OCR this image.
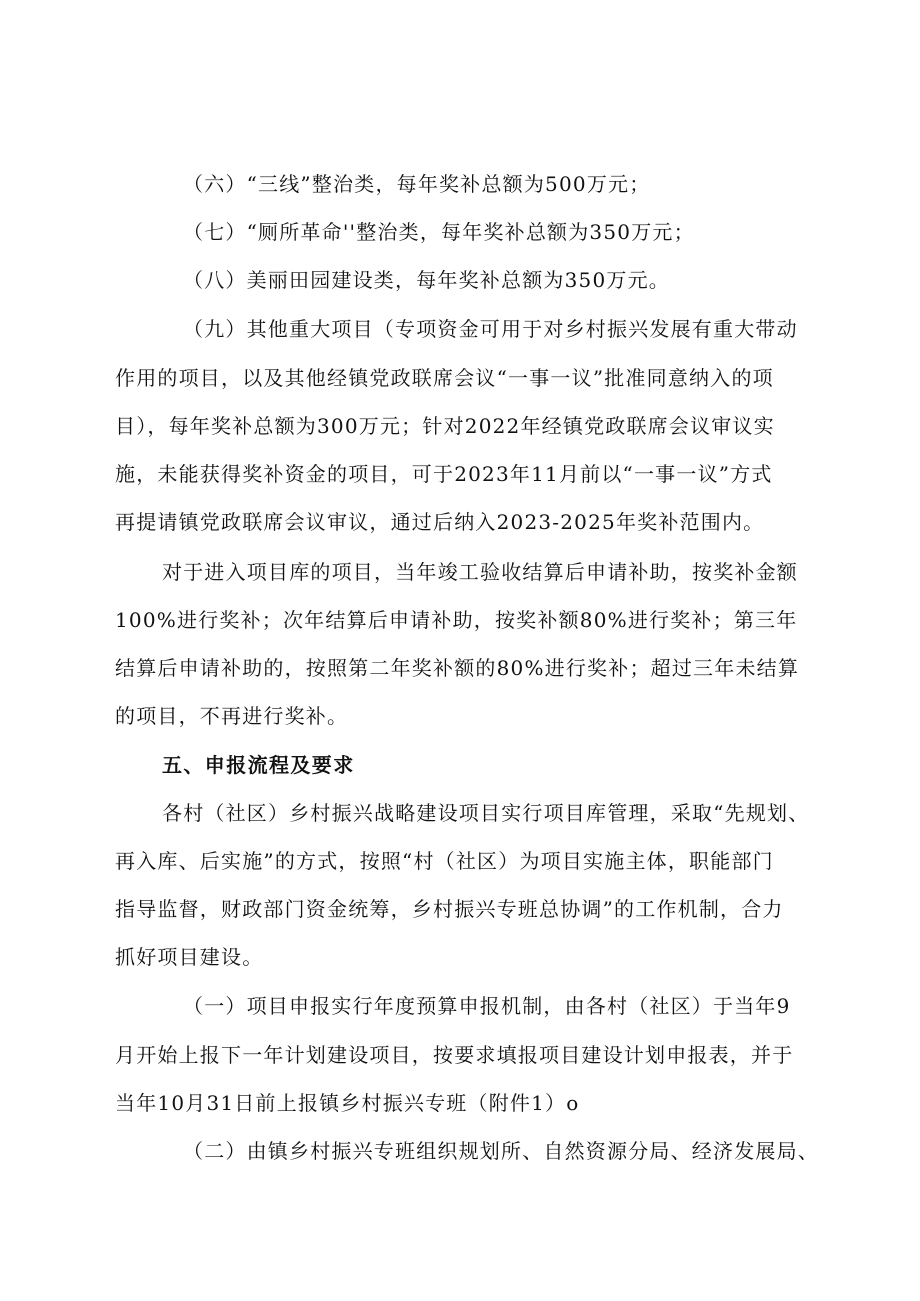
（六）“三线”整治类，每年奖补总额为500万元；
（七）“厕所革命''整治类，每年奖补总额为350万元；
（八）美丽田园建设类，每年奖补总额为350万元。
（九）其他重大项目（专项资金可用于对乡村振兴发展有重大带动
作用的项目，以及其他经镇党政联席会议“一事一议”批准同意纳入的项
目），每年奖补总额为300万元；针对2022年经镇党政联席会议审议实
施，未能获得奖补资金的项目，可于2023年11月前以“一事一议”方式
再提请镇党政联席会议审议，通过后纳入2023-2025年奖补范围内。
对于进入项目库的项目，当年竣工验收结算后申请补助，按奖补金额
100%进行奖补；次年结算后申请补助，按奖补额80%进行奖补；第三年
结算后申请补助的，按照第二年奖补额的80%进行奖补；超过三年未结算
的项目，不再进行奖补。
五、申报流程及要求
各村（社区）乡村振兴战略建设项目实行项目库管理，采取“先规划、
再入库、后实施”的方式，按照“村（社区）为项目实施主体，职能部门
指导监督，财政部门资金统筹，乡村振兴专班总协调”的工作机制，合力
抓好项目建设。
（一）项目申报实行年度预算申报机制，由各村（社区）于当年9
月开始上报下一年计划建设项目，按要求填报项目建设计划申报表，并于
当年10月31日前上报镇乡村振兴专班（附件1）o
（二）由镇乡村振兴专班组织规划所、自然资源分局、经济发展局、
